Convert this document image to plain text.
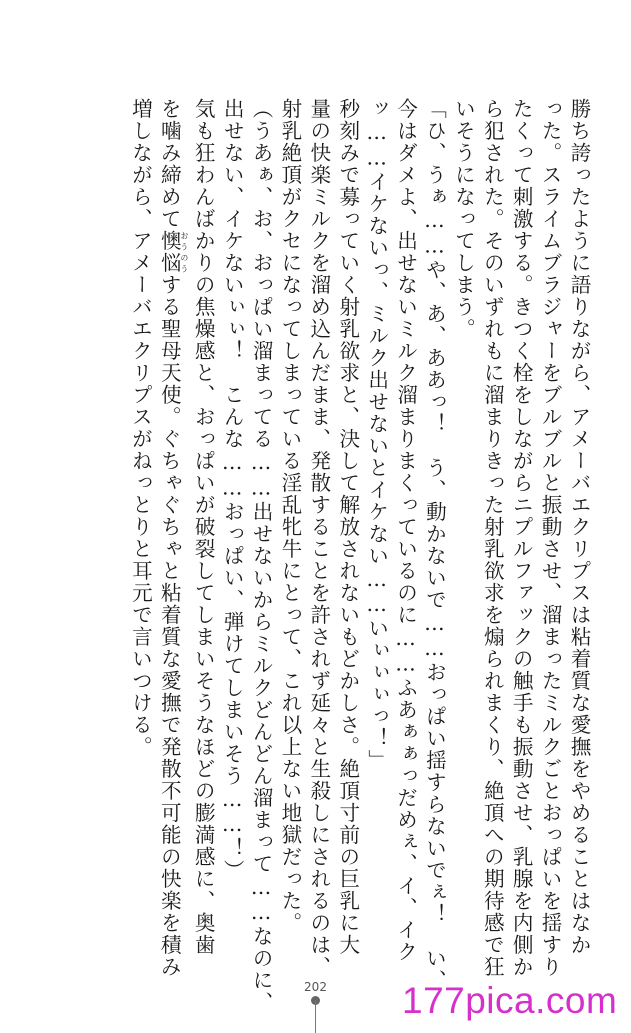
勝ち誇ったように語りながら、アメーバエクリプスは粘着質な愛撫をやめることはなか
った。スライムブラジャーをブルブルと振動させ、溜まったミルクごとおっぱいを揺すり
たくって刺激する。きつく栓をしながらニプルファックの触手も振動させ、乳腺を内側か
ら犯された。そのいずれもに溜まりきった射乳欲求を煽られまくり、絶頂への期待感で狂
いそうになってしまう。
「ひ、うぁ……や、あ、ああっ！　う、動かないで……おっぱい揺すらないでぇ！　い、
今はダメよ、出せないミルク溜まりまくっているのに……ふあぁぁっだめぇ、イ、イク
ッ……イケないっ、ミルク出せないとイケない……いぃぃぃっ！」
秒刻みで募っていく射乳欲求と、決して解放されないもどかしさ。絶頂寸前の巨乳に大
量の快楽ミルクを溜め込んだまま、発散することを許されず延々と生殺しにされるのは、
射乳絶頂がクセになってしまっている淫乱牝牛にとって、これ以上ない地獄だった。
（うあぁ、お、おっぱい溜まってる……出せないからミルクどんどん溜まって……なのに、
出せない、イケないぃぃ！　こんな……おっぱい、弾けてしまいそう……！）
気も狂わんばかりの焦燥感と、おっぱいが破裂してしまいそうなほどの膨満感に、奥歯
を噛み締めて懊悩おうのうする聖母天使。ぐちゃぐちゃと粘着質な愛撫で発散不可能の快楽を積み
増しながら、アメーバエクリプスがねっとりと耳元で言いつける。
202	177pica.com
